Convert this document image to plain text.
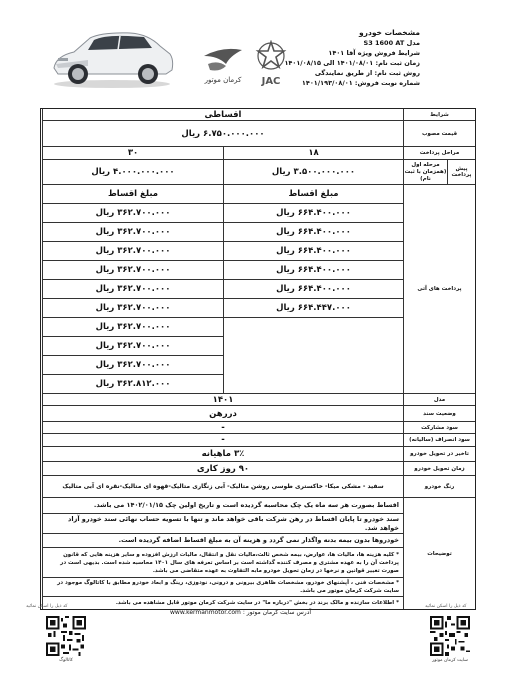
کرمان موتور JAC
مشخصات خودرو
مدل S3 1600 AT
شرایط فروش ویژه آقا ۱۴۰۱
زمان ثبت نام: ۱۴۰۱/۰۸/۰۱ الی ۱۴۰۱/۰۸/۱۵
روش ثبت نام: از طریق نمایندگی
شماره نوبت فروش: ۱۴۰۱/۱۹۳/۰۸/۰۱
شرایط
اقساطی
قیمت مصوب
۶.۷۵۰.۰۰۰.۰۰۰ ریال
مراحل پرداخت
۱۸
۳۰
پیش پرداخت
مرحله اول (همزمان با ثبت نام)
۳.۵۰۰.۰۰۰.۰۰۰ ریال
۴.۰۰۰.۰۰۰.۰۰۰ ریال
پرداخت های آتی
مبلغ اقساط
مبلغ اقساط
۶۶۴.۴۰۰.۰۰۰ ریال
۶۶۴.۴۰۰.۰۰۰ ریال
۶۶۴.۴۰۰.۰۰۰ ریال
۶۶۴.۴۰۰.۰۰۰ ریال
۶۶۴.۴۰۰.۰۰۰ ریال
۶۶۴.۴۴۷.۰۰۰ ریال
۳۶۲.۷۰۰.۰۰۰ ریال
۳۶۲.۷۰۰.۰۰۰ ریال
۳۶۲.۷۰۰.۰۰۰ ریال
۳۶۲.۷۰۰.۰۰۰ ریال
۳۶۲.۷۰۰.۰۰۰ ریال
۳۶۲.۷۰۰.۰۰۰ ریال
۳۶۲.۷۰۰.۰۰۰ ریال
۳۶۲.۷۰۰.۰۰۰ ریال
۳۶۲.۷۰۰.۰۰۰ ریال
۳۶۲.۸۱۲.۰۰۰ ریال
مدل
۱۴۰۱
وضعیت سند
دررهن
سود مشارکت
-
سود انصراف (سالیانه)
-
تاخیر در تحویل خودرو
۳٪ ماهیانه
زمان تحویل خودرو
۹۰ روز کاری
رنگ خودرو
سفید - مشکی میکا- خاکستری طوسی روشن متالیک- آبی زنگاری متالیک-قهوه ای متالیک-نقره ای آبی متالیک
توضیحات
اقساط بصورت هر سه ماه یک چک محاسبه گردیده است و تاریخ اولین چک ۱۴۰۲/۰۱/۱۵ می باشد.
سند خودرو تا پایان اقساط در رهن شرکت باقی خواهد ماند و تنها با تسویه حساب نهائی سند خودرو آزاد خواهد شد.
خودروها بدون بیمه بدنه واگذار نمی گردد و هزینه آن به مبلغ اقساط اضافه گردیده است.
* کلیه هزینه ها، مالیات ها، عوارض، بیمه شخص ثالث،مالیات نقل و انتقال، مالیات ارزش افزوده و سایر هزینه هایی که قانون پرداخت آن را به عهده مشتری و مصرف کننده گذاشته است بر اساس تعرفه های سال ۱۴۰۱ محاسبه شده است. بدیهی است در صورت تغییر قوانین و نرخها در زمان تحویل خودرو مابه التفاوت به عهده متقاضی می باشد.
* مشخصات فنی ، آپشنهای خودرو، مشخصات ظاهری بیرونی و درونی، نودوزی، رینگ و ابعاد خودرو مطابق با کاتالوگ موجود در سایت شرکت کرمان موتور می باشد.
* اطلاعات سازنده و مالک برند در بخش "درباره ما" در سایت شرکت کرمان موتور قابل مشاهده می باشد.
کد ذیل را اسکن نمائید	کد ذیل را اسکن نمائید
آدرس سایت کرمان موتور : www.kermanmotor.com
کاتالوگ	سایت کرمان موتور
